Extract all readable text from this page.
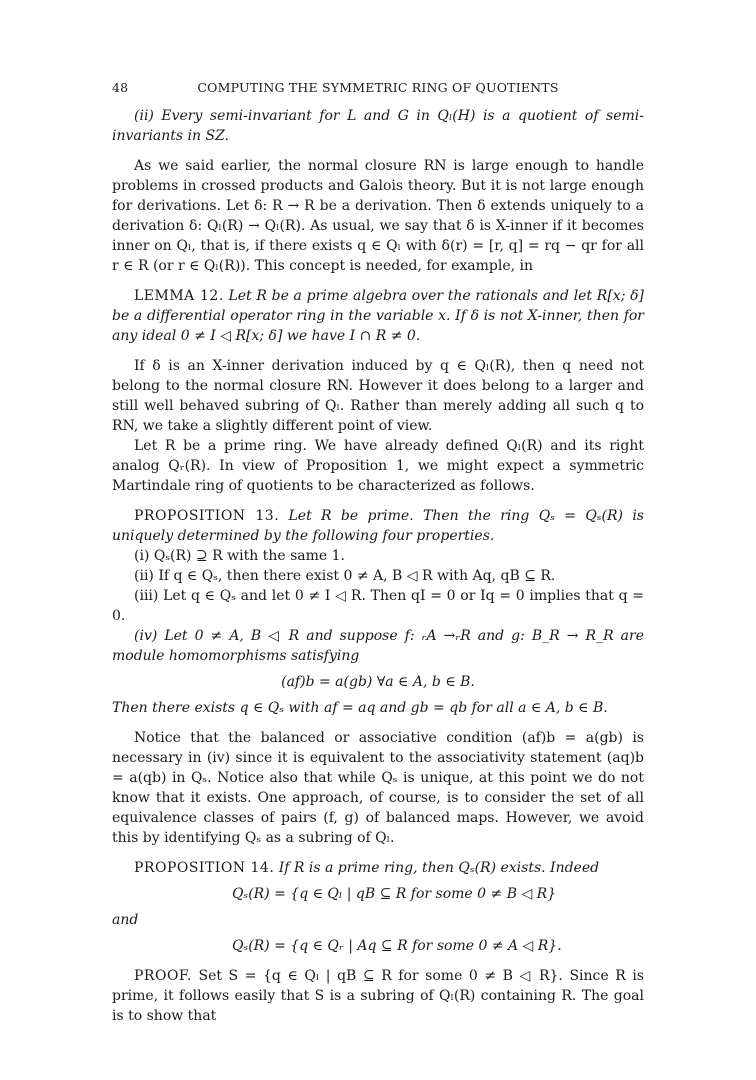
48	COMPUTING THE SYMMETRIC RING OF QUOTIENTS

(ii) Every semi-invariant for L and G in Qₗ(H) is a quotient of semi-invariants in SZ.

As we said earlier, the normal closure RN is large enough to handle problems in crossed products and Galois theory. But it is not large enough for derivations. Let δ: R → R be a derivation. Then δ extends uniquely to a derivation δ: Qₗ(R) → Qₗ(R). As usual, we say that δ is X-inner if it becomes inner on Qₗ, that is, if there exists q ∈ Qₗ with δ(r) = [r, q] = rq − qr for all r ∈ R (or r ∈ Qₗ(R)). This concept is needed, for example, in

LEMMA 12. Let R be a prime algebra over the rationals and let R[x; δ] be a differential operator ring in the variable x. If δ is not X-inner, then for any ideal 0 ≠ I ◁ R[x; δ] we have I ∩ R ≠ 0.

If δ is an X-inner derivation induced by q ∈ Qₗ(R), then q need not belong to the normal closure RN. However it does belong to a larger and still well behaved subring of Qₗ. Rather than merely adding all such q to RN, we take a slightly different point of view.

Let R be a prime ring. We have already defined Qₗ(R) and its right analog Qᵣ(R). In view of Proposition 1, we might expect a symmetric Martindale ring of quotients to be characterized as follows.

PROPOSITION 13. Let R be prime. Then the ring Qₛ = Qₛ(R) is uniquely determined by the following four properties.

(i) Qₛ(R) ⊇ R with the same 1.

(ii) If q ∈ Qₛ, then there exist 0 ≠ A, B ◁ R with Aq, qB ⊆ R.

(iii) Let q ∈ Qₛ and let 0 ≠ I ◁ R. Then qI = 0 or Iq = 0 implies that q = 0.

(iv) Let 0 ≠ A, B ◁ R and suppose f: ᵣA →ᵣR and g: B_R → R_R are module homomorphisms satisfying

(af)b = a(gb) ∀a ∈ A, b ∈ B.

Then there exists q ∈ Qₛ with af = aq and gb = qb for all a ∈ A, b ∈ B.

Notice that the balanced or associative condition (af)b = a(gb) is necessary in (iv) since it is equivalent to the associativity statement (aq)b = a(qb) in Qₛ. Notice also that while Qₛ is unique, at this point we do not know that it exists. One approach, of course, is to consider the set of all equivalence classes of pairs (f, g) of balanced maps. However, we avoid this by identifying Qₛ as a subring of Qₗ.

PROPOSITION 14. If R is a prime ring, then Qₛ(R) exists. Indeed

Qₛ(R) = {q ∈ Qₗ | qB ⊆ R for some 0 ≠ B ◁ R}

and

Qₛ(R) = {q ∈ Qᵣ | Aq ⊆ R for some 0 ≠ A ◁ R}.

PROOF. Set S = {q ∈ Qₗ | qB ⊆ R for some 0 ≠ B ◁ R}. Since R is prime, it follows easily that S is a subring of Qₗ(R) containing R. The goal is to show that
